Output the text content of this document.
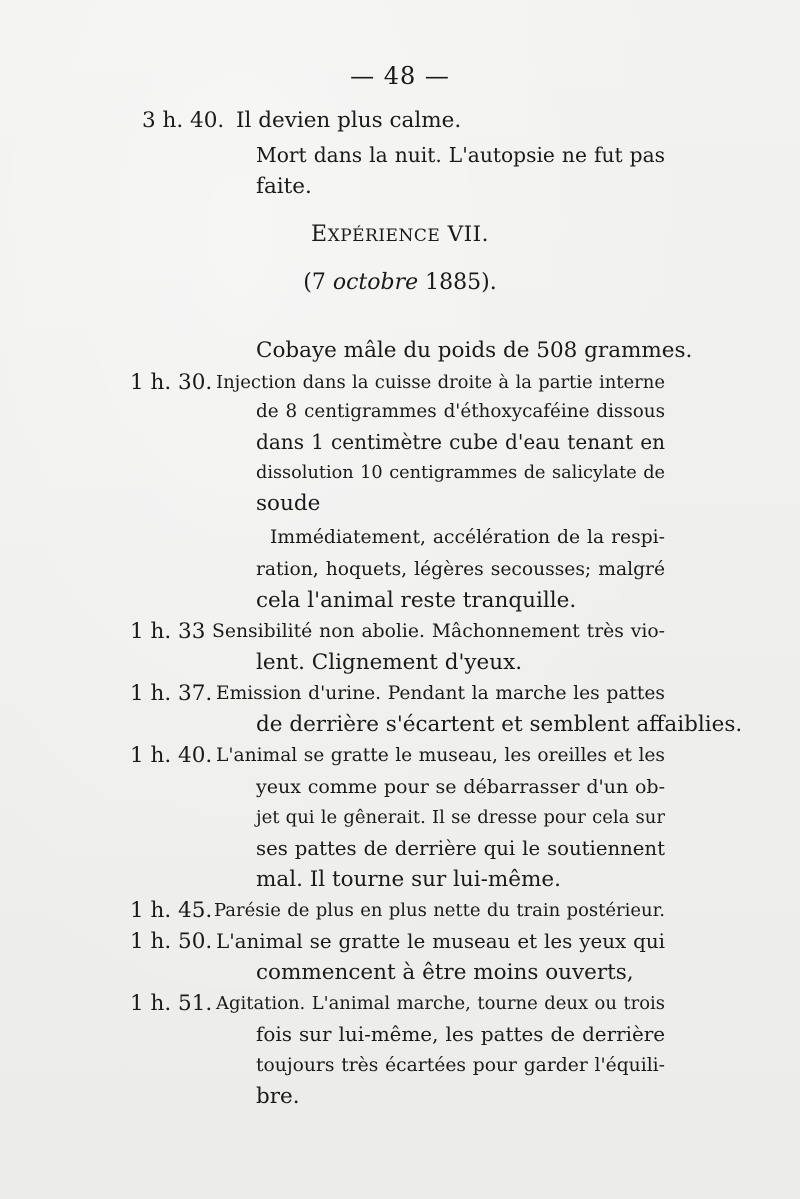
— 48 —
3 h. 40. Il devien plus calme.
Mort dans la nuit. L'autopsie ne fut pas
faite.
EXPÉRIENCE VII.
(7 octobre 1885).
Cobaye mâle du poids de 508 grammes.
1 h. 30. Injection dans la cuisse droite à la partie interne
de 8 centigrammes d'éthoxycaféine dissous
dans 1 centimètre cube d'eau tenant en
dissolution 10 centigrammes de salicylate de
soude
Immédiatement, accélération de la respi-
ration, hoquets, légères secousses; malgré
cela l'animal reste tranquille.
1 h. 33 Sensibilité non abolie. Mâchonnement très vio-
lent. Clignement d'yeux.
1 h. 37. Emission d'urine. Pendant la marche les pattes
de derrière s'écartent et semblent affaiblies.
1 h. 40. L'animal se gratte le museau, les oreilles et les
yeux comme pour se débarrasser d'un ob-
jet qui le gênerait. Il se dresse pour cela sur
ses pattes de derrière qui le soutiennent
mal. Il tourne sur lui-même.
1 h. 45. Parésie de plus en plus nette du train postérieur.
1 h. 50. L'animal se gratte le museau et les yeux qui
commencent à être moins ouverts,
1 h. 51. Agitation. L'animal marche, tourne deux ou trois
fois sur lui-même, les pattes de derrière
toujours très écartées pour garder l'équili-
bre.
